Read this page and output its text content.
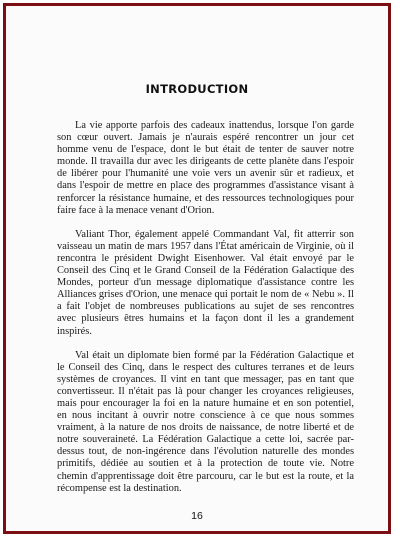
INTRODUCTION

La vie apporte parfois des cadeaux inattendus, lorsque l'on garde son cœur ouvert. Jamais je n'aurais espéré rencontrer un jour cet homme venu de l'espace, dont le but était de tenter de sauver notre monde. Il travailla dur avec les dirigeants de cette planète dans l'espoir de libérer pour l'humanité une voie vers un avenir sûr et radieux, et dans l'espoir de mettre en place des programmes d'assistance visant à renforcer la résistance humaine, et des ressources technologiques pour faire face à la menace venant d'Orion.

Valiant Thor, également appelé Commandant Val, fit atterrir son vaisseau un matin de mars 1957 dans l'État américain de Virginie, où il rencontra le président Dwight Eisenhower. Val était envoyé par le Conseil des Cinq et le Grand Conseil de la Fédération Galactique des Mondes, porteur d'un message diplomatique d'assistance contre les Alliances grises d'Orion, une menace qui portait le nom de « Nebu ». Il a fait l'objet de nombreuses publications au sujet de ses rencontres avec plusieurs êtres humains et la façon dont il les a grandement inspirés.

Val était un diplomate bien formé par la Fédération Galactique et le Conseil des Cinq, dans le respect des cultures terranes et de leurs systèmes de croyances. Il vint en tant que messager, pas en tant que convertisseur. Il n'était pas là pour changer les croyances religieuses, mais pour encourager la foi en la nature humaine et en son potentiel, en nous incitant à ouvrir notre conscience à ce que nous sommes vraiment, à la nature de nos droits de naissance, de notre liberté et de notre souveraineté. La Fédération Galactique a cette loi, sacrée par-dessus tout, de non-ingérence dans l'évolution naturelle des mondes primitifs, dédiée au soutien et à la protection de toute vie. Notre chemin d'apprentissage doit être parcouru, car le but est la route, et la récompense est la destination.

16
